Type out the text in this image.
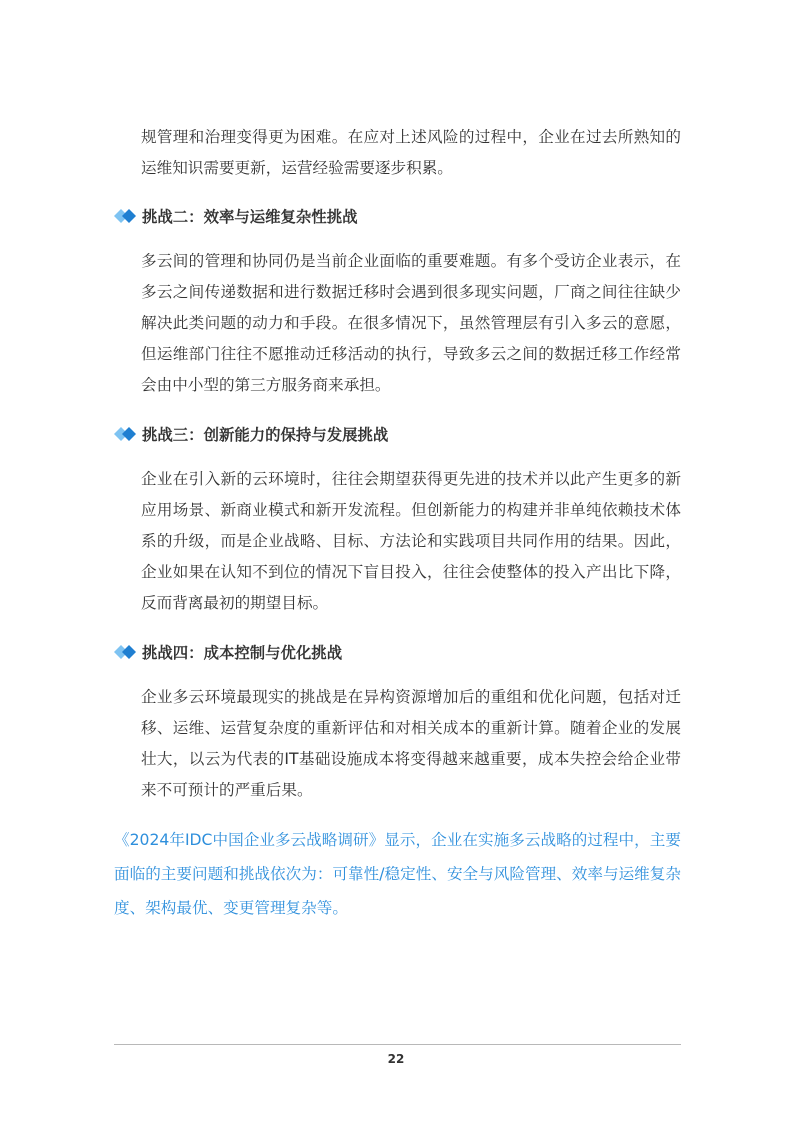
规管理和治理变得更为困难。在应对上述风险的过程中，企业在过去所熟知的运维知识需要更新，运营经验需要逐步积累。

挑战二：效率与运维复杂性挑战

多云间的管理和协同仍是当前企业面临的重要难题。有多个受访企业表示，在多云之间传递数据和进行数据迁移时会遇到很多现实问题，厂商之间往往缺少解决此类问题的动力和手段。在很多情况下，虽然管理层有引入多云的意愿，但运维部门往往不愿推动迁移活动的执行，导致多云之间的数据迁移工作经常会由中小型的第三方服务商来承担。

挑战三：创新能力的保持与发展挑战

企业在引入新的云环境时，往往会期望获得更先进的技术并以此产生更多的新应用场景、新商业模式和新开发流程。但创新能力的构建并非单纯依赖技术体系的升级，而是企业战略、目标、方法论和实践项目共同作用的结果。因此，企业如果在认知不到位的情况下盲目投入，往往会使整体的投入产出比下降，反而背离最初的期望目标。

挑战四：成本控制与优化挑战

企业多云环境最现实的挑战是在异构资源增加后的重组和优化问题，包括对迁移、运维、运营复杂度的重新评估和对相关成本的重新计算。随着企业的发展壮大，以云为代表的IT基础设施成本将变得越来越重要，成本失控会给企业带来不可预计的严重后果。

《2024年IDC中国企业多云战略调研》显示，企业在实施多云战略的过程中，主要面临的主要问题和挑战依次为：可靠性/稳定性、安全与风险管理、效率与运维复杂度、架构最优、变更管理复杂等。

22
